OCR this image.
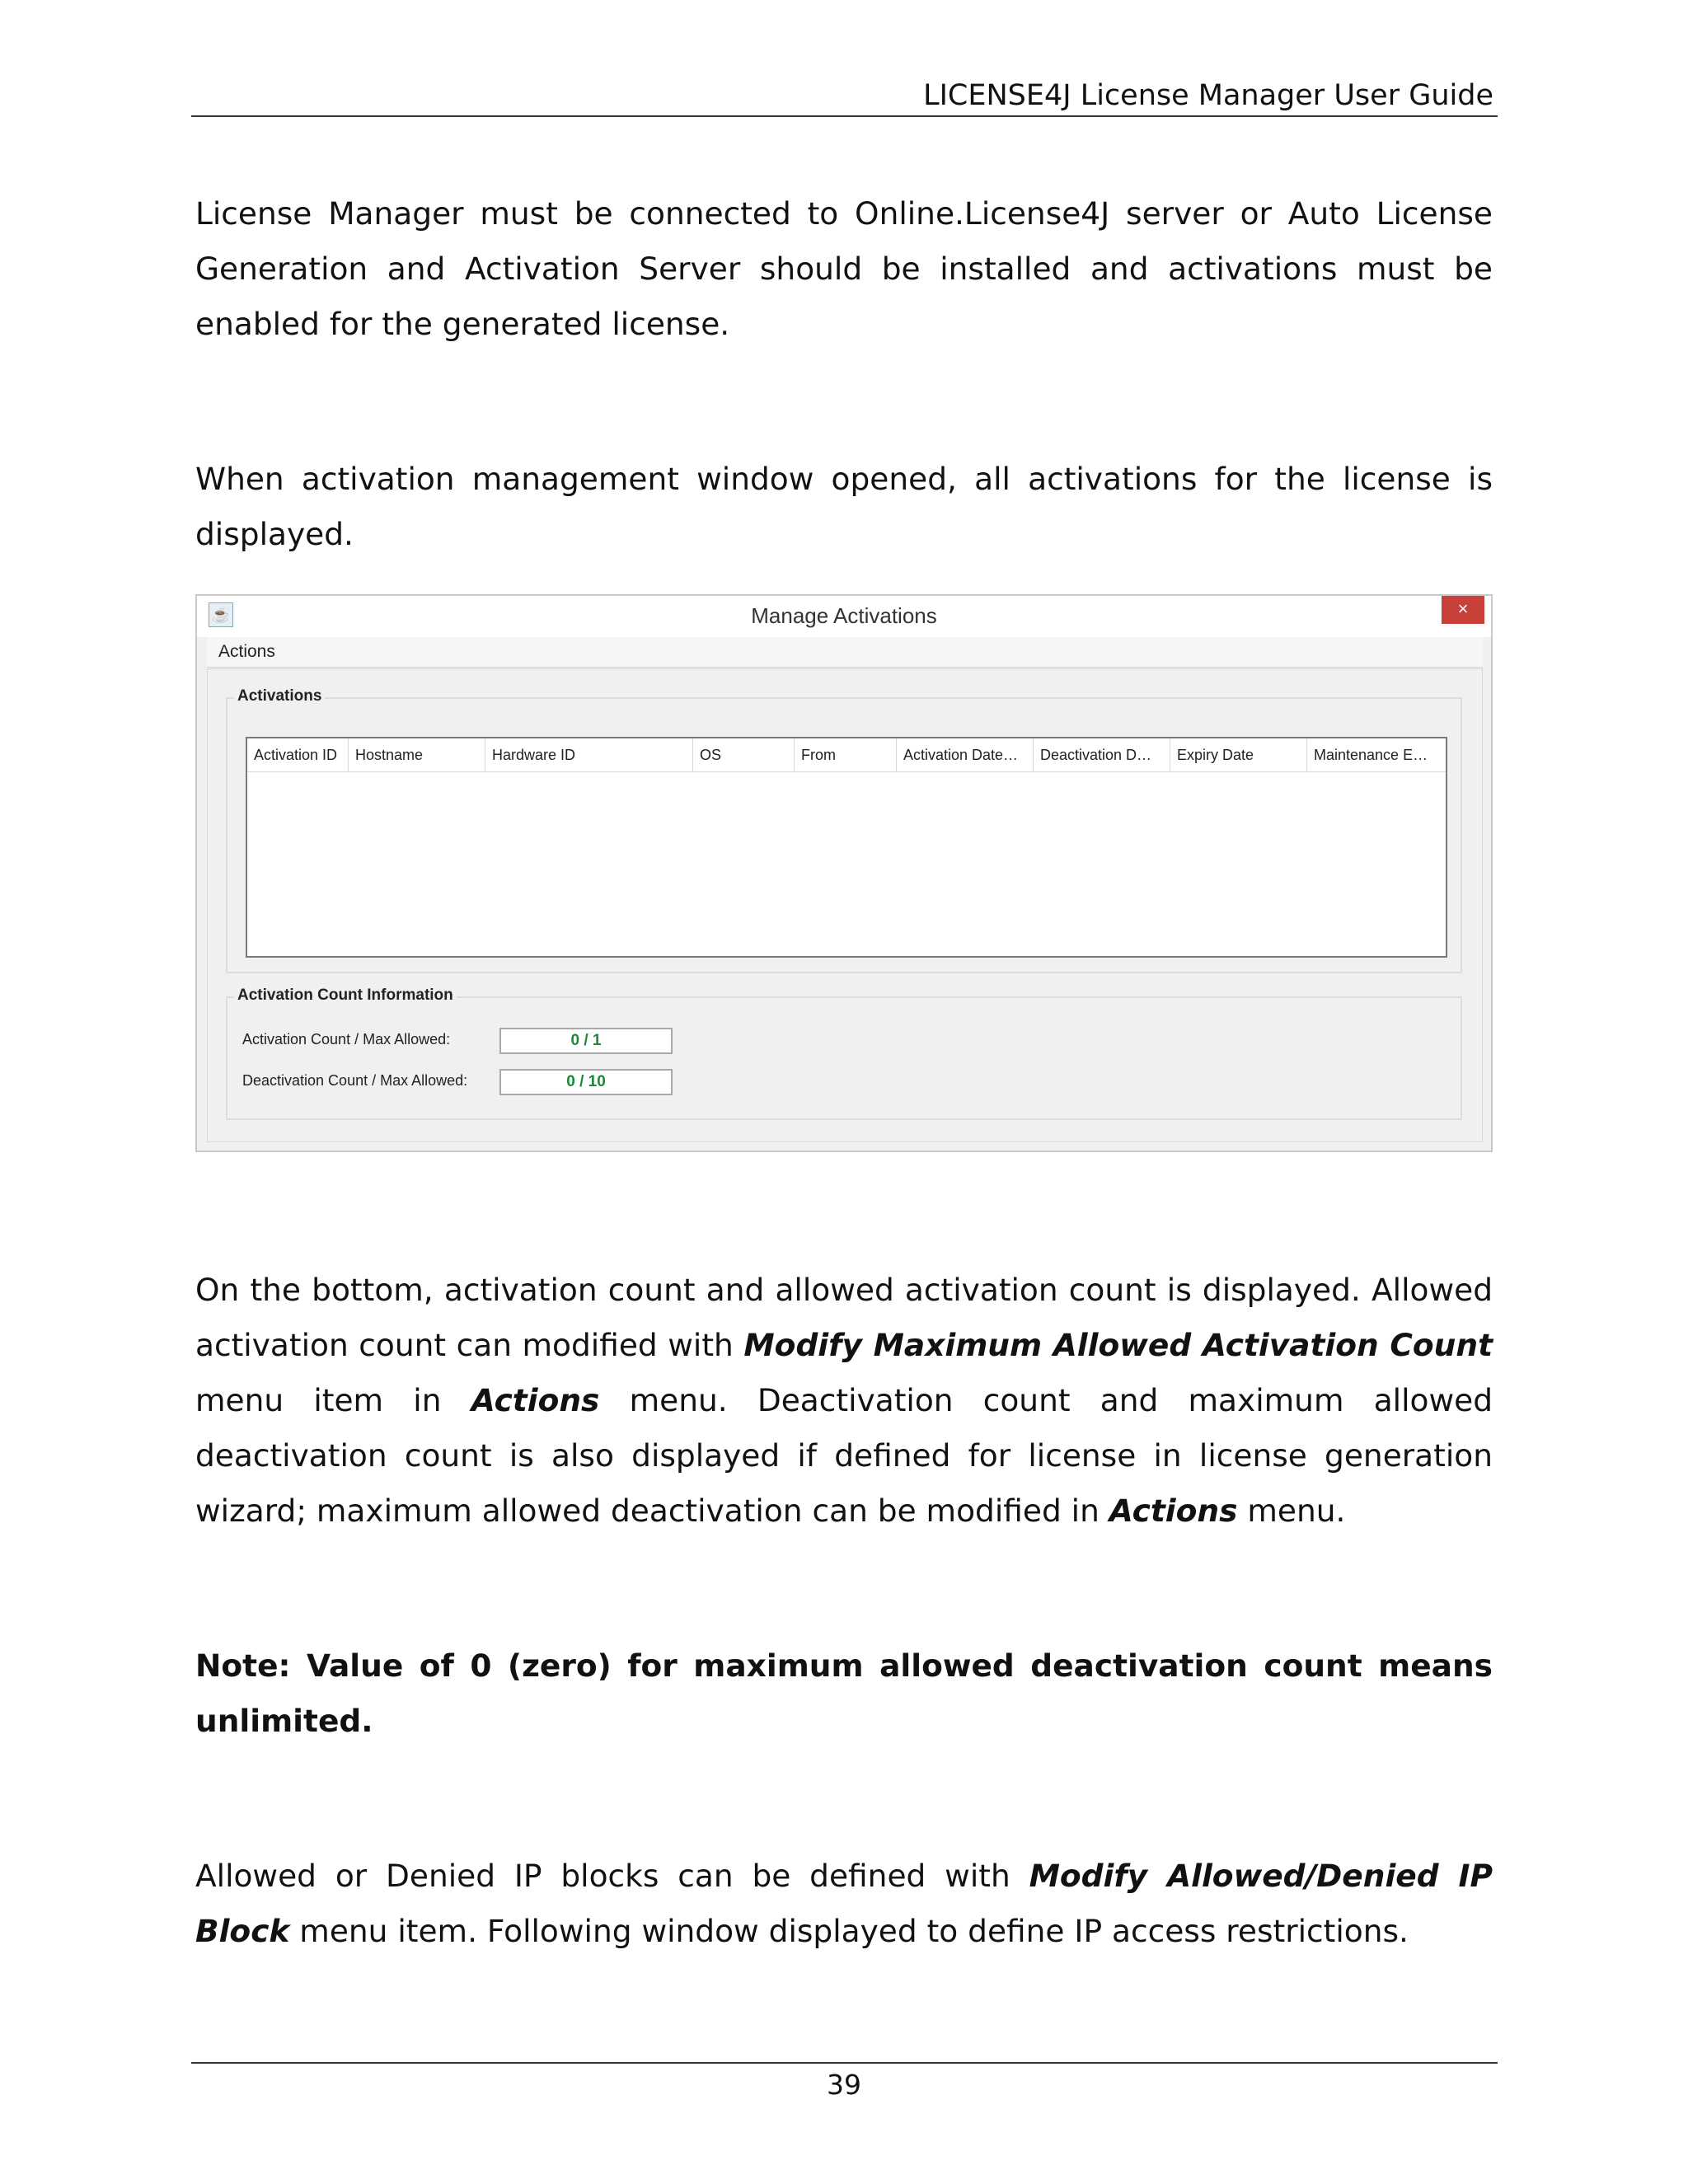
LICENSE4J License Manager User Guide

License Manager must be connected to Online.License4J server or Auto License Generation and Activation Server should be installed and activations must be enabled for the generated license.

When activation management window opened, all activations for the license is displayed.

☕	Manage Activations	×
Actions
Activations
Activation ID	Hostname	Hardware ID	OS	From	Activation Date…	Deactivation D…	Expiry Date	Maintenance E…
Activation Count Information
Activation Count / Max Allowed:	0 / 1
Deactivation Count / Max Allowed:	0 / 10

On the bottom, activation count and allowed activation count is displayed. Allowed activation count can modified with Modify Maximum Allowed Activation Count menu item in Actions menu. Deactivation count and maximum allowed deactivation count is also displayed if defined for license in license generation wizard; maximum allowed deactivation can be modified in Actions menu.

Note: Value of 0 (zero) for maximum allowed deactivation count means unlimited.

Allowed or Denied IP blocks can be defined with Modify Allowed/Denied IP Block menu item. Following window displayed to define IP access restrictions.

39
